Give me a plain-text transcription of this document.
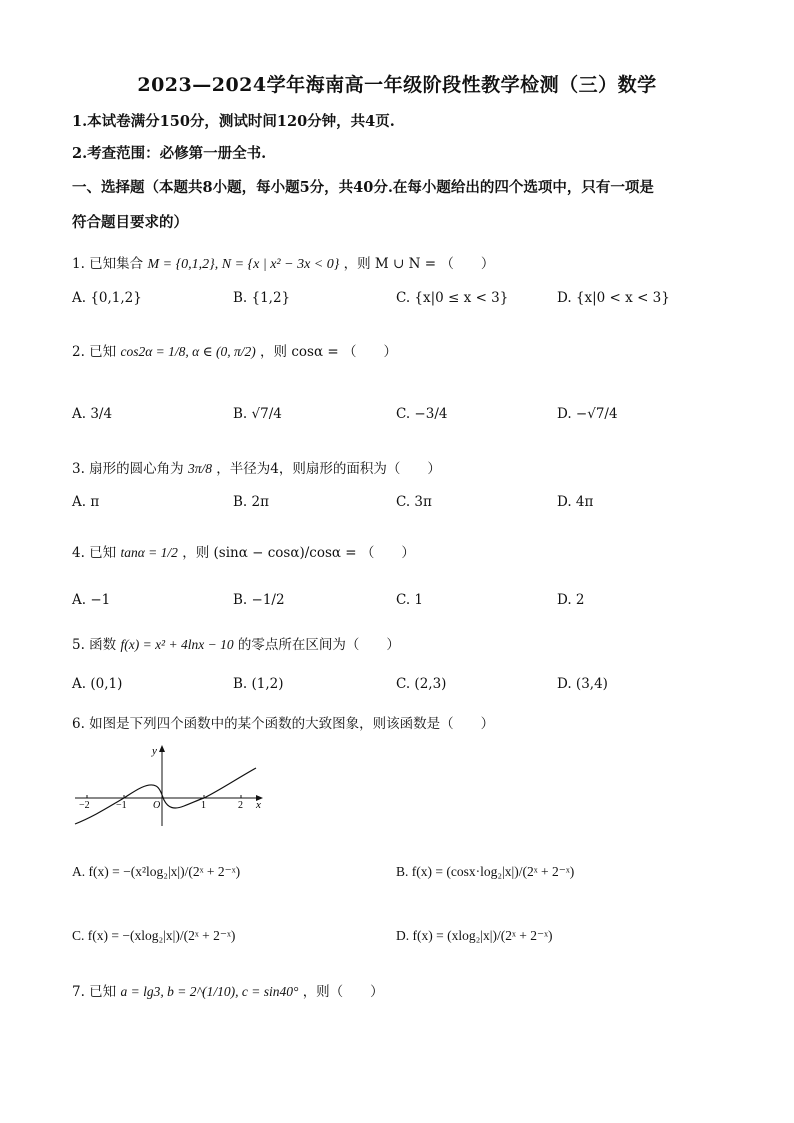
2023—2024学年海南高一年级阶段性教学检测（三）数学
1.本试卷满分150分，测试时间120分钟，共4页.
2.考查范围：必修第一册全书.
一、选择题（本题共8小题，每小题5分，共40分.在每小题给出的四个选项中，只有一项是
符合题目要求的）
1. 已知集合 M = {0,1,2}, N = {x | x² − 3x < 0} ，则 M ∪ N = （　　）
A. {0,1,2}	B. {1,2}	C. {x|0 ≤ x < 3}	D. {x|0 < x < 3}
2. 已知 cos2α = 1/8, α ∈ (0, π/2) ，则 cosα = （　　）
A. 3/4	B. √7/4	C. −3/4	D. −√7/4
3. 扇形的圆心角为 3π/8 ，半径为4，则扇形的面积为（　　）
A. π	B. 2π	C. 3π	D. 4π
4. 已知 tanα = 1/2 ，则 (sinα − cosα)/cosα = （　　）
A. −1	B. −1/2	C. 1	D. 2
5. 函数 f(x) = x² + 4lnx − 10 的零点所在区间为（　　）
A. (0,1)	B. (1,2)	C. (2,3)	D. (3,4)
6. 如图是下列四个函数中的某个函数的大致图象，则该函数是（　　）
−2	−1	O	1	2
y
x
A. f(x) = −(x²log₂|x|)/(2ˣ + 2⁻ˣ)	B. f(x) = (cosx·log₂|x|)/(2ˣ + 2⁻ˣ)
C. f(x) = −(xlog₂|x|)/(2ˣ + 2⁻ˣ)	D. f(x) = (xlog₂|x|)/(2ˣ + 2⁻ˣ)
7. 已知 a = lg3, b = 2^(1/10), c = sin40° ，则（　　）
